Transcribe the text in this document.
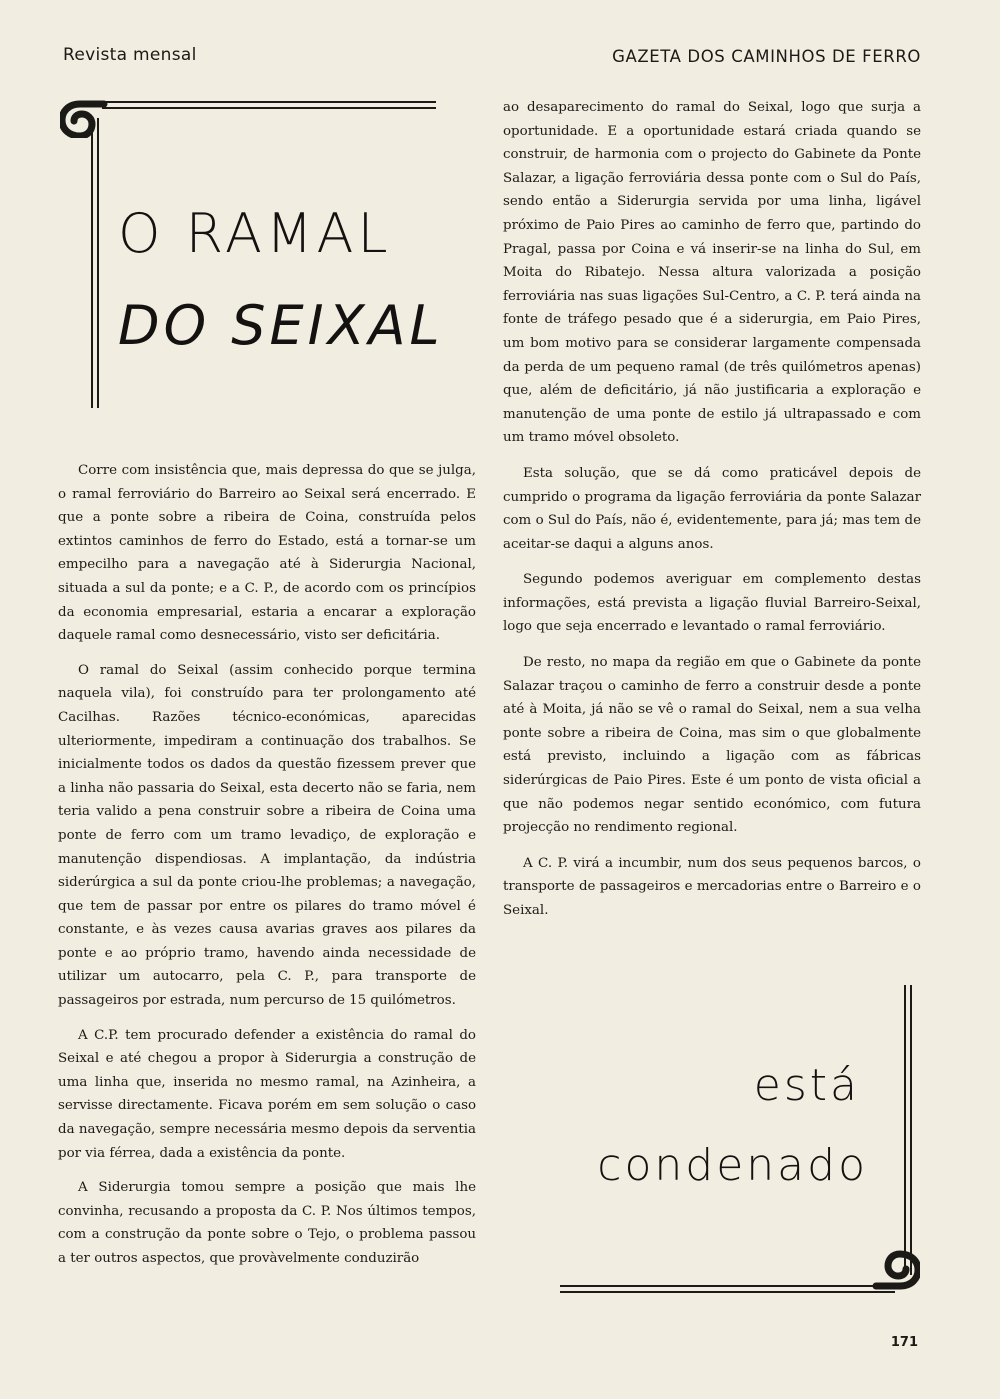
Revista mensal	GAZETA DOS CAMINHOS DE FERRO
O RAMAL
DO SEIXAL

Corre com insistência que, mais depressa do que se julga, o ramal ferroviário do Barreiro ao Seixal será encerrado. E que a ponte sobre a ribeira de Coina, construída pelos extintos caminhos de ferro do Estado, está a tornar-se um empecilho para a navegação até à Siderurgia Nacional, situada a sul da ponte; e a C. P., de acordo com os princípios da economia empresarial, estaria a encarar a exploração daquele ramal como desnecessário, visto ser deficitária.

O ramal do Seixal (assim conhecido porque termina naquela vila), foi construído para ter prolongamento até Cacilhas. Razões técnico-económicas, aparecidas ulteriormente, impediram a continuação dos trabalhos. Se inicialmente todos os dados da questão fizessem prever que a linha não passaria do Seixal, esta decerto não se faria, nem teria valido a pena construir sobre a ribeira de Coina uma ponte de ferro com um tramo levadiço, de exploração e manutenção dispendiosas. A implantação, da indústria siderúrgica a sul da ponte criou-lhe problemas; a navegação, que tem de passar por entre os pilares do tramo móvel é constante, e às vezes causa avarias graves aos pilares da ponte e ao próprio tramo, havendo ainda necessidade de utilizar um autocarro, pela C. P., para transporte de passageiros por estrada, num percurso de 15 quilómetros.

A C.P. tem procurado defender a existência do ramal do Seixal e até chegou a propor à Siderurgia a construção de uma linha que, inserida no mesmo ramal, na Azinheira, a servisse directamente. Ficava porém em sem solução o caso da navegação, sempre necessária mesmo depois da serventia por via férrea, dada a existência da ponte.

A Siderurgia tomou sempre a posição que mais lhe convinha, recusando a proposta da C. P. Nos últimos tempos, com a construção da ponte sobre o Tejo, o problema passou a ter outros aspectos, que provàvelmente conduzirão

ao desaparecimento do ramal do Seixal, logo que surja a oportunidade. E a oportunidade estará criada quando se construir, de harmonia com o projecto do Gabinete da Ponte Salazar, a ligação ferroviária dessa ponte com o Sul do País, sendo então a Siderurgia servida por uma linha, ligável próximo de Paio Pires ao caminho de ferro que, partindo do Pragal, passa por Coina e vá inserir-se na linha do Sul, em Moita do Ribatejo. Nessa altura valorizada a posição ferroviária nas suas ligações Sul-Centro, a C. P. terá ainda na fonte de tráfego pesado que é a siderurgia, em Paio Pires, um bom motivo para se considerar largamente compensada da perda de um pequeno ramal (de três quilómetros apenas) que, além de deficitário, já não justificaria a exploração e manutenção de uma ponte de estilo já ultrapassado e com um tramo móvel obsoleto.

Esta solução, que se dá como praticável depois de cumprido o programa da ligação ferroviária da ponte Salazar com o Sul do País, não é, evidentemente, para já; mas tem de aceitar-se daqui a alguns anos.

Segundo podemos averiguar em complemento destas informações, está prevista a ligação fluvial Barreiro-Seixal, logo que seja encerrado e levantado o ramal ferroviário.

De resto, no mapa da região em que o Gabinete da ponte Salazar traçou o caminho de ferro a construir desde a ponte até à Moita, já não se vê o ramal do Seixal, nem a sua velha ponte sobre a ribeira de Coina, mas sim o que globalmente está previsto, incluindo a ligação com as fábricas siderúrgicas de Paio Pires. Este é um ponto de vista oficial a que não podemos negar sentido económico, com futura projecção no rendimento regional.

A C. P. virá a incumbir, num dos seus pequenos barcos, o transporte de passageiros e mercadorias entre o Barreiro e o Seixal.

está
condenado
171
